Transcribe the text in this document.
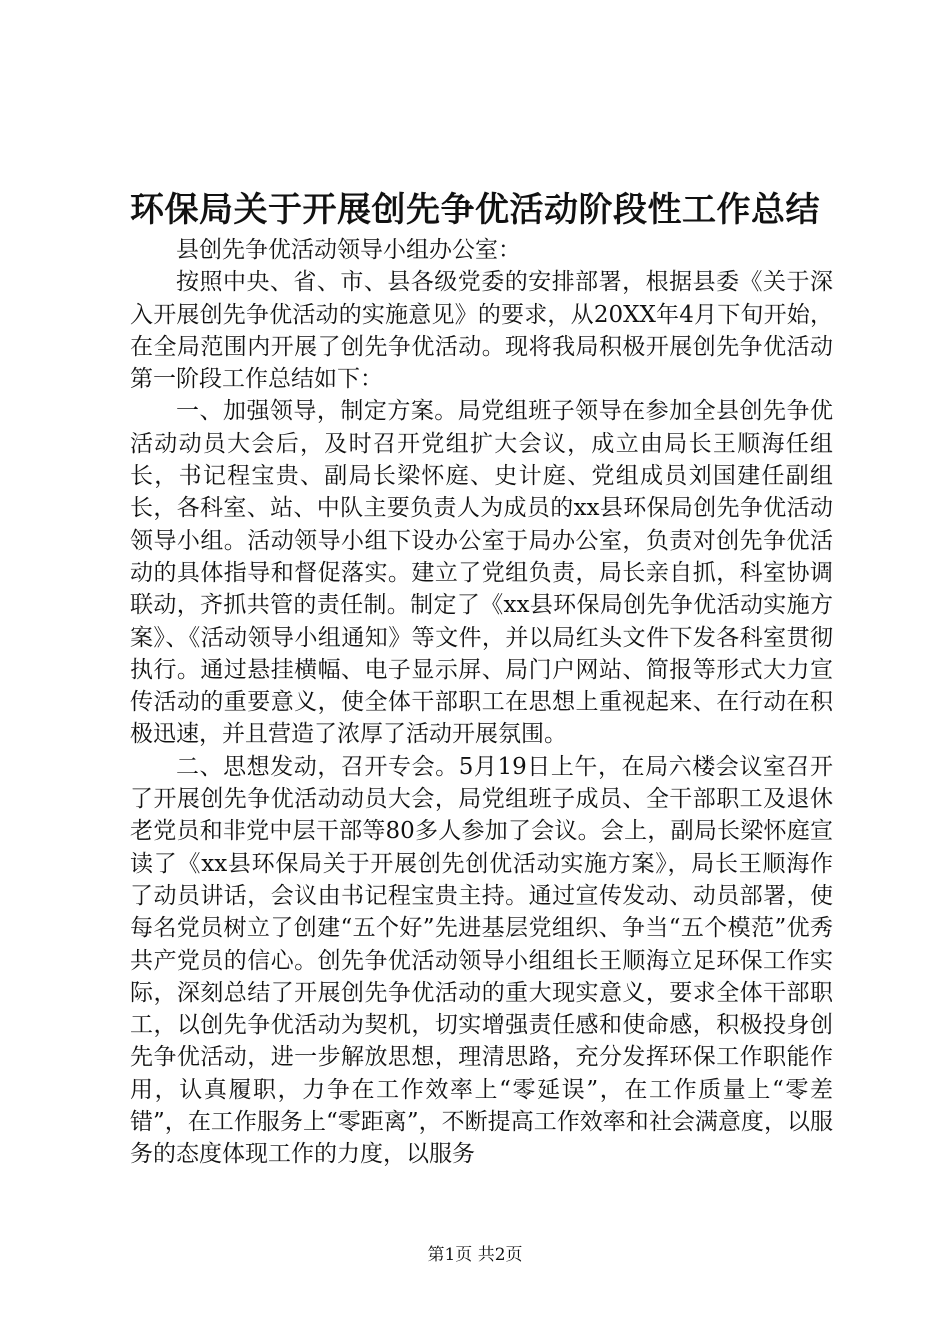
环保局关于开展创先争优活动阶段性工作总结

县创先争优活动领导小组办公室：

按照中央、省、市、县各级党委的安排部署，根据县委《关于深入开展创先争优活动的实施意见》的要求，从20XX年4月下旬开始，在全局范围内开展了创先争优活动。现将我局积极开展创先争优活动第一阶段工作总结如下：

一、加强领导，制定方案。局党组班子领导在参加全县创先争优活动动员大会后，及时召开党组扩大会议，成立由局长王顺海任组长，书记程宝贵、副局长梁怀庭、史计庭、党组成员刘国建任副组长，各科室、站、中队主要负责人为成员的xx县环保局创先争优活动领导小组。活动领导小组下设办公室于局办公室，负责对创先争优活动的具体指导和督促落实。建立了党组负责，局长亲自抓，科室协调联动，齐抓共管的责任制。制定了《xx县环保局创先争优活动实施方案》、《活动领导小组通知》等文件，并以局红头文件下发各科室贯彻执行。通过悬挂横幅、电子显示屏、局门户网站、简报等形式大力宣传活动的重要意义，使全体干部职工在思想上重视起来、在行动在积极迅速，并且营造了浓厚了活动开展氛围。

二、思想发动，召开专会。5月19日上午，在局六楼会议室召开了开展创先争优活动动员大会，局党组班子成员、全干部职工及退休老党员和非党中层干部等80多人参加了会议。会上，副局长梁怀庭宣读了《xx县环保局关于开展创先创优活动实施方案》，局长王顺海作了动员讲话，会议由书记程宝贵主持。通过宣传发动、动员部署，使每名党员树立了创建“五个好”先进基层党组织、争当“五个模范”优秀共产党员的信心。创先争优活动领导小组组长王顺海立足环保工作实际，深刻总结了开展创先争优活动的重大现实意义，要求全体干部职工，以创先争优活动为契机，切实增强责任感和使命感，积极投身创先争优活动，进一步解放思想，理清思路，充分发挥环保工作职能作用，认真履职，力争在工作效率上“零延误”，在工作质量上“零差错”，在工作服务上“零距离”，不断提高工作效率和社会满意度，以服务的态度体现工作的力度，以服务

第1页 共2页
